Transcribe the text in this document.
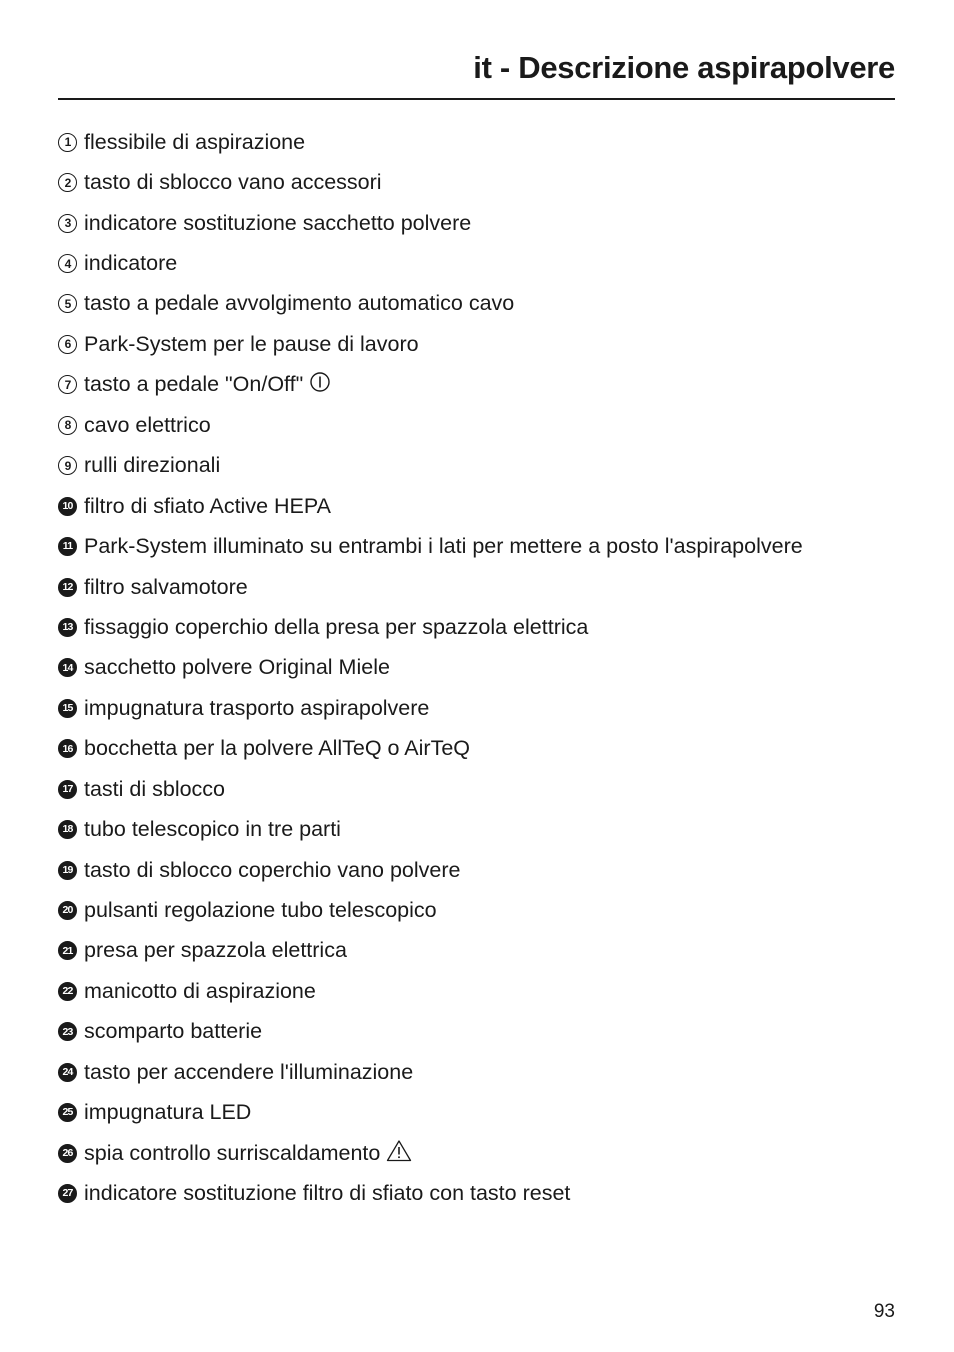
it - Descrizione aspirapolvere
1 flessibile di aspirazione
2 tasto di sblocco vano accessori
3 indicatore sostituzione sacchetto polvere
4 indicatore
5 tasto a pedale avvolgimento automatico cavo
6 Park-System per le pause di lavoro
7 tasto a pedale "On/Off"
8 cavo elettrico
9 rulli direzionali
10 filtro di sfiato Active HEPA
11 Park-System illuminato su entrambi i lati per mettere a posto l'aspirapolvere
12 filtro salvamotore
13 fissaggio coperchio della presa per spazzola elettrica
14 sacchetto polvere Original Miele
15 impugnatura trasporto aspirapolvere
16 bocchetta per la polvere AllTeQ o AirTeQ
17 tasti di sblocco
18 tubo telescopico in tre parti
19 tasto di sblocco coperchio vano polvere
20 pulsanti regolazione tubo telescopico
21 presa per spazzola elettrica
22 manicotto di aspirazione
23 scomparto batterie
24 tasto per accendere l'illuminazione
25 impugnatura LED
26 spia controllo surriscaldamento
27 indicatore sostituzione filtro di sfiato con tasto reset
93
